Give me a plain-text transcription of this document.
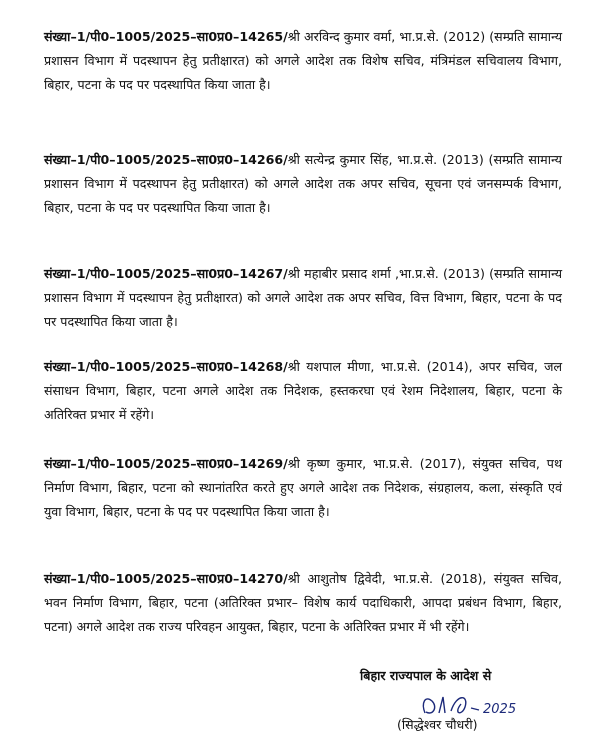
संख्या–1/पी0–1005/2025–सा0प्र0–14265/श्री अरविन्द कुमार वर्मा, भा.प्र.से. (2012) (सम्प्रति सामान्य प्रशासन विभाग में पदस्थापन हेतु प्रतीक्षारत) को अगले आदेश तक विशेष सचिव, मंत्रिमंडल सचिवालय विभाग, बिहार, पटना के पद पर पदस्थापित किया जाता है।

संख्या–1/पी0–1005/2025–सा0प्र0–14266/श्री सत्येन्द्र कुमार सिंह, भा.प्र.से. (2013) (सम्प्रति सामान्य प्रशासन विभाग में पदस्थापन हेतु प्रतीक्षारत) को अगले आदेश तक अपर सचिव, सूचना एवं जनसम्पर्क विभाग, बिहार, पटना के पद पर पदस्थापित किया जाता है।

संख्या–1/पी0–1005/2025–सा0प्र0–14267/श्री महाबीर प्रसाद शर्मा ,भा.प्र.से. (2013) (सम्प्रति सामान्य प्रशासन विभाग में पदस्थापन हेतु प्रतीक्षारत) को अगले आदेश तक अपर सचिव, वित्त विभाग, बिहार, पटना के पद पर पदस्थापित किया जाता है।

संख्या–1/पी0–1005/2025–सा0प्र0–14268/श्री यशपाल मीणा, भा.प्र.से. (2014), अपर सचिव, जल संसाधन विभाग, बिहार, पटना अगले आदेश तक निदेशक, हस्तकरघा एवं रेशम निदेशालय, बिहार, पटना के अतिरिक्त प्रभार में रहेंगे।

संख्या–1/पी0–1005/2025–सा0प्र0–14269/श्री कृष्ण कुमार, भा.प्र.से. (2017), संयुक्त सचिव, पथ निर्माण विभाग, बिहार, पटना को स्थानांतरित करते हुए अगले आदेश तक निदेशक, संग्रहालय, कला, संस्कृति एवं युवा विभाग, बिहार, पटना के पद पर पदस्थापित किया जाता है।

संख्या–1/पी0–1005/2025–सा0प्र0–14270/श्री आशुतोष द्विवेदी, भा.प्र.से. (2018), संयुक्त सचिव, भवन निर्माण विभाग, बिहार, पटना (अतिरिक्त प्रभार– विशेष कार्य पदाधिकारी, आपदा प्रबंधन विभाग, बिहार, पटना) अगले आदेश तक राज्य परिवहन आयुक्त, बिहार, पटना के अतिरिक्त प्रभार में भी रहेंगे।

बिहार राज्यपाल के आदेश से

2025

(सिद्धेश्वर चौधरी)
